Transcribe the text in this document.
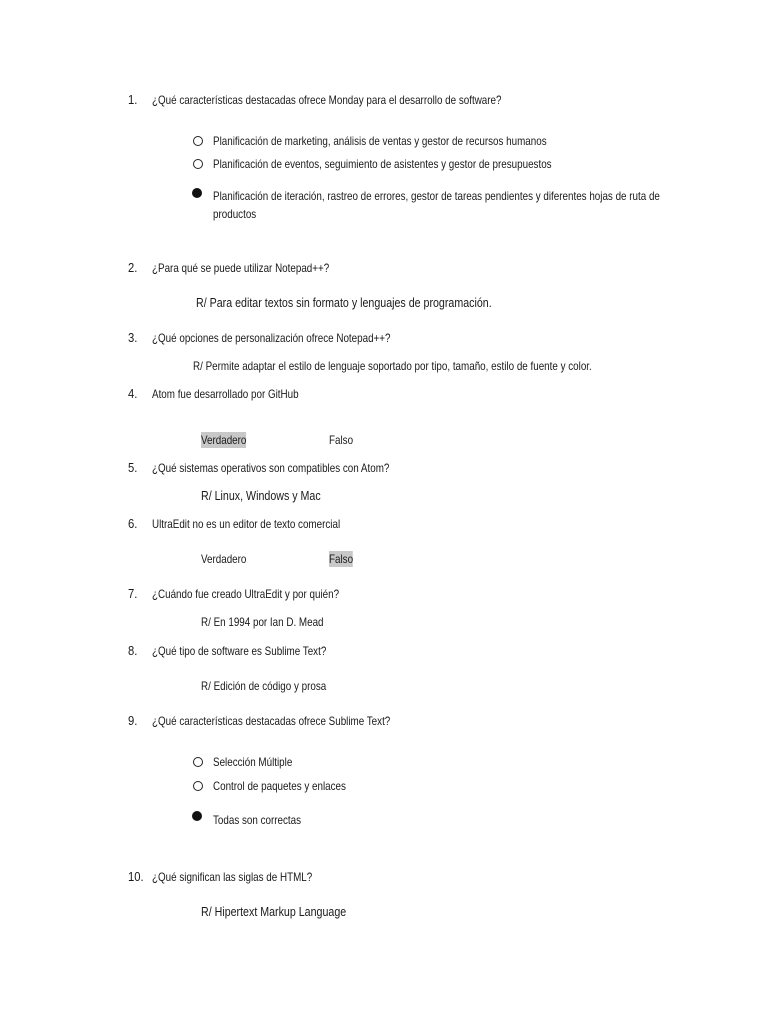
1. ¿Qué características destacadas ofrece Monday para el desarrollo de software?
Planificación de marketing, análisis de ventas y gestor de recursos humanos
Planificación de eventos, seguimiento de asistentes y gestor de presupuestos
Planificación de iteración, rastreo de errores, gestor de tareas pendientes y diferentes hojas de ruta de
productos
2. ¿Para qué se puede utilizar Notepad++?
R/ Para editar textos sin formato y lenguajes de programación.
3. ¿Qué opciones de personalización ofrece Notepad++?
R/ Permite adaptar el estilo de lenguaje soportado por tipo, tamaño, estilo de fuente y color.
4. Atom fue desarrollado por GitHub
Verdadero	Falso
5. ¿Qué sistemas operativos son compatibles con Atom?
R/ Linux, Windows y Mac
6. UltraEdit no es un editor de texto comercial
Verdadero	Falso
7. ¿Cuándo fue creado UltraEdit y por quién?
R/ En 1994 por Ian D. Mead
8. ¿Qué tipo de software es Sublime Text?
R/ Edición de código y prosa
9. ¿Qué características destacadas ofrece Sublime Text?
Selección Múltiple
Control de paquetes y enlaces
Todas son correctas
10. ¿Qué significan las siglas de HTML?
R/ Hipertext Markup Language
